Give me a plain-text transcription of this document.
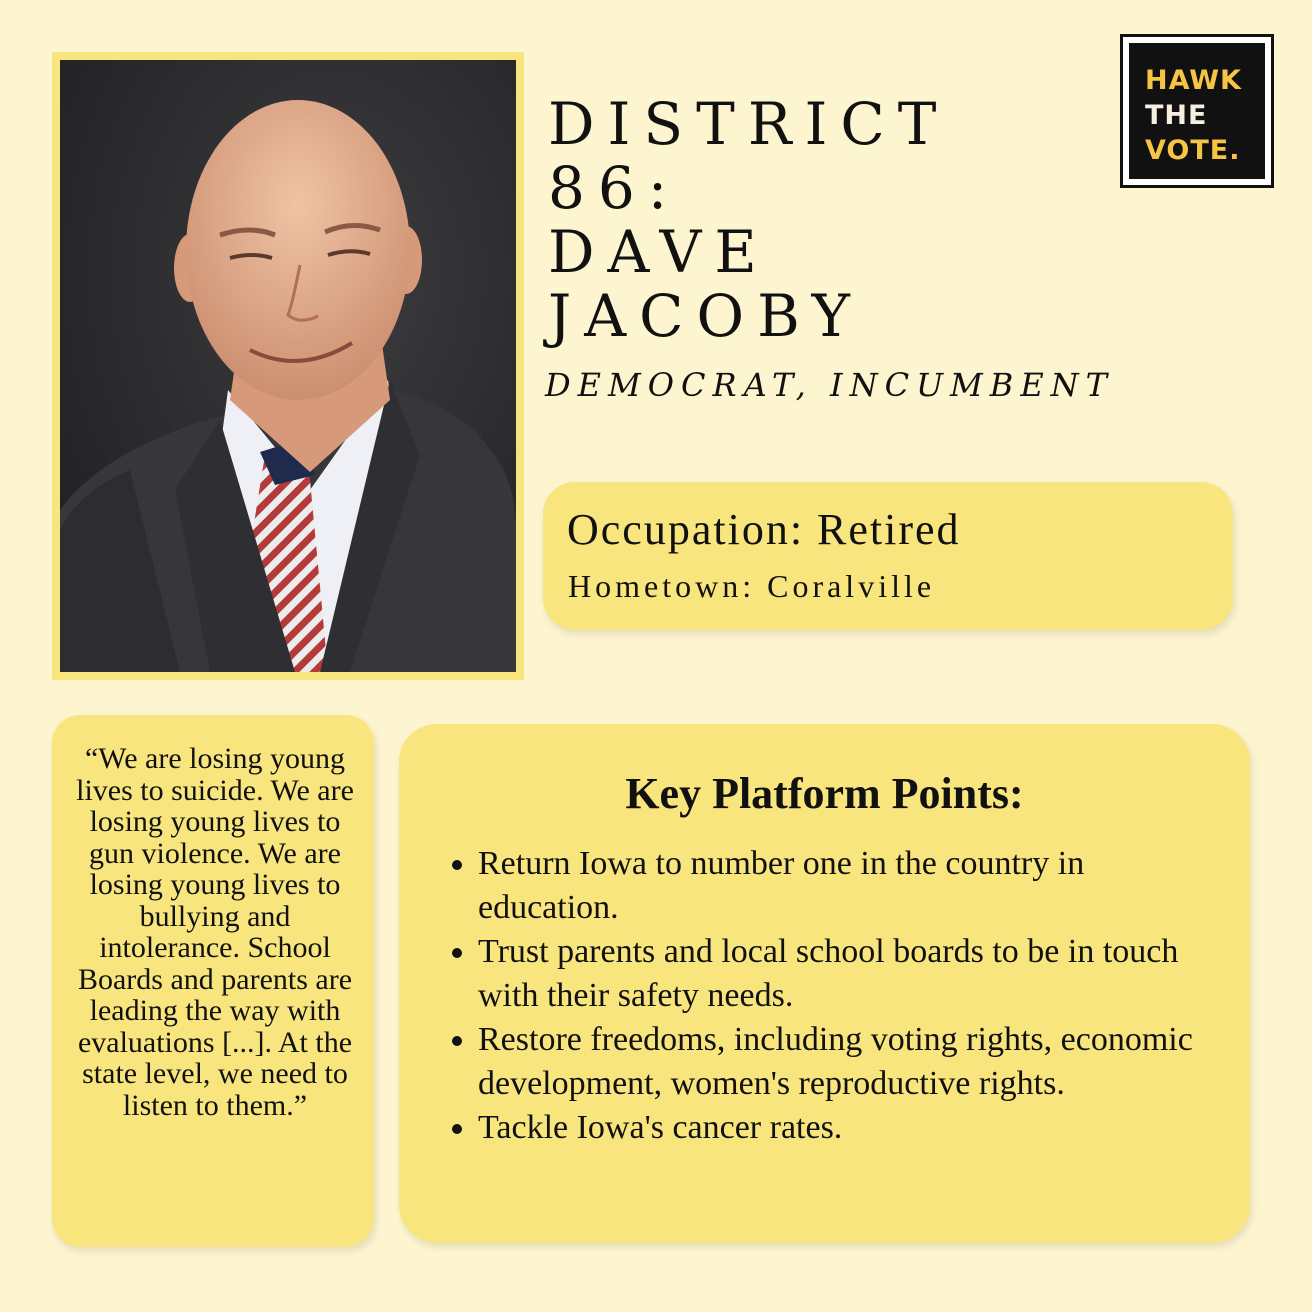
DISTRICT
86:
DAVE
JACOBY
DEMOCRAT, INCUMBENT
HAWK
THE
VOTE.
Occupation: Retired
Hometown: Coralville

“We are losing young lives to suicide. We are losing young lives to gun violence. We are losing young lives to bullying and intolerance. School Boards and parents are leading the way with evaluations [...]. At the state level, we need to listen to them.”

Key Platform Points:
• Return Iowa to number one in the country in education.
• Trust parents and local school boards to be in touch with their safety needs.
• Restore freedoms, including voting rights, economic development, women's reproductive rights.
• Tackle Iowa's cancer rates.
